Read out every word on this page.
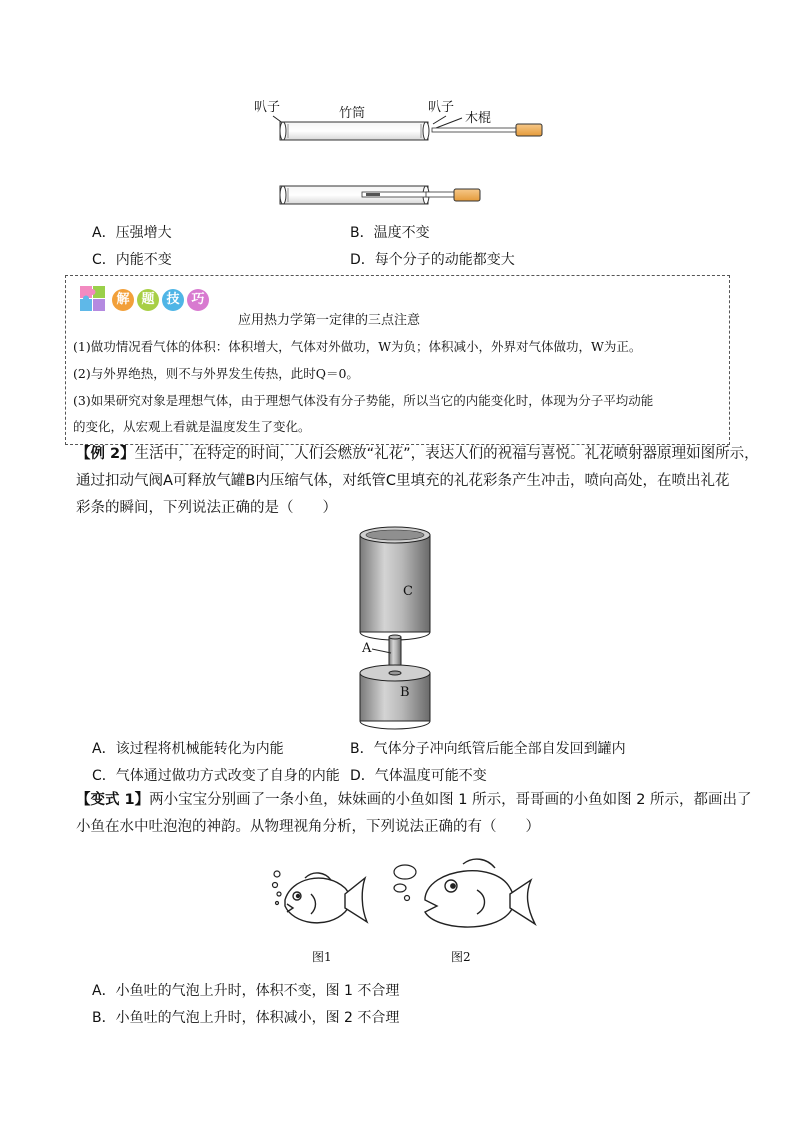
叭子	竹筒	叭子
木棍
A．压强增大	B．温度不变
C．内能不变	D．每个分子的动能都变大
解 题 技 巧
应用热力学第一定律的三点注意
(1)做功情况看气体的体积：体积增大，气体对外做功，W为负；体积减小，外界对气体做功，W为正。
(2)与外界绝热，则不与外界发生传热，此时Q＝0。
(3)如果研究对象是理想气体，由于理想气体没有分子势能，所以当它的内能变化时，体现为分子平均动能
的变化，从宏观上看就是温度发生了变化。
【例 2】生活中，在特定的时间，人们会燃放“礼花”，表达人们的祝福与喜悦。礼花喷射器原理如图所示，
通过扣动气阀A可释放气罐B内压缩气体，对纸管C里填充的礼花彩条产生冲击，喷向高处，在喷出礼花
彩条的瞬间，下列说法正确的是（　　）
C
A
B
A．该过程将机械能转化为内能	B．气体分子冲向纸管后能全部自发回到罐内
C．气体通过做功方式改变了自身的内能 D．气体温度可能不变
【变式 1】两小宝宝分别画了一条小鱼，妹妹画的小鱼如图 1 所示，哥哥画的小鱼如图 2 所示，都画出了
小鱼在水中吐泡泡的神韵。从物理视角分析，下列说法正确的有（　　）
图1	图2
A．小鱼吐的气泡上升时，体积不变，图 1 不合理
B．小鱼吐的气泡上升时，体积减小，图 2 不合理
